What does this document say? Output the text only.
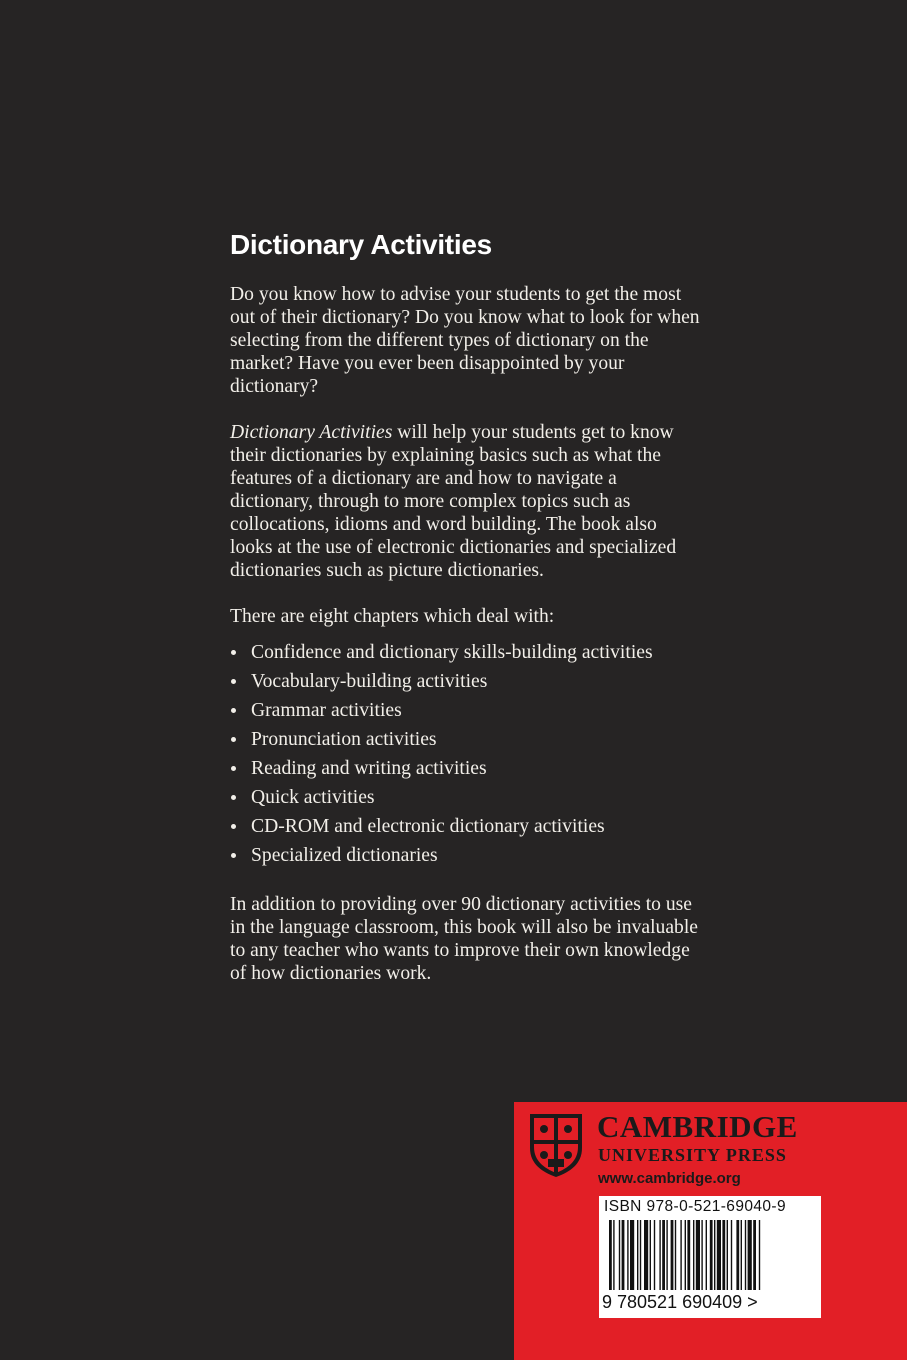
Dictionary Activities

Do you know how to advise your students to get the most out of their dictionary? Do you know what to look for when selecting from the different types of dictionary on the market? Have you ever been disappointed by your dictionary?

Dictionary Activities will help your students get to know their dictionaries by explaining basics such as what the features of a dictionary are and how to navigate a dictionary, through to more complex topics such as collocations, idioms and word building. The book also looks at the use of electronic dictionaries and specialized dictionaries such as picture dictionaries.

There are eight chapters which deal with:

Confidence and dictionary skills-building activities
Vocabulary-building activities
Grammar activities
Pronunciation activities
Reading and writing activities
Quick activities
CD-ROM and electronic dictionary activities
Specialized dictionaries

In addition to providing over 90 dictionary activities to use in the language classroom, this book will also be invaluable to any teacher who wants to improve their own knowledge of how dictionaries work.

CAMBRIDGE
UNIVERSITY PRESS
www.cambridge.org
ISBN 978-0-521-69040-9
9 780521 690409 >
